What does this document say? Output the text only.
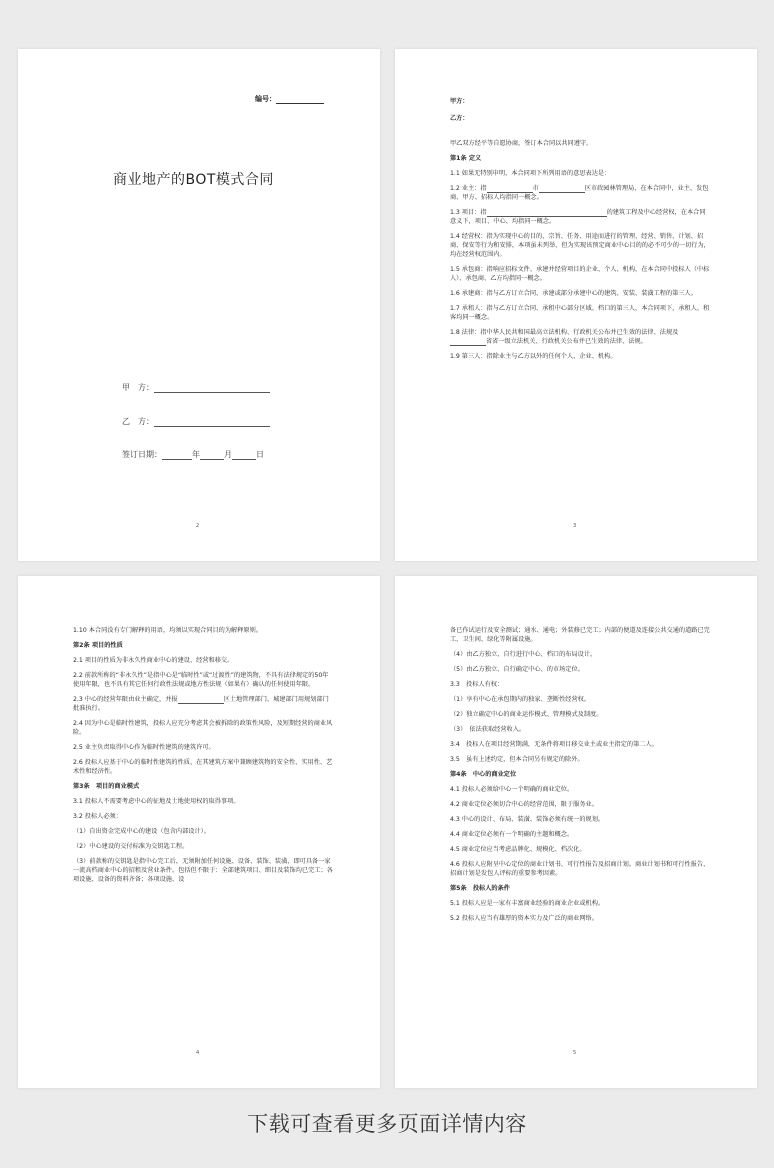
编号：
商业地产的BOT模式合同
甲　方：
乙　方：
签订日期：	年	月	日
2

甲方：

乙方：

甲乙双方经平等自愿协商，签订本合同以共同遵守。

第1条 定义

1.1 如果无特别申明，本合同项下所列用语的意思表达是：

1.2 业主：指	市	区市政园林管理局，在本合同中，业主、发包商、甲方、招标人均指同一概念。

1.3 项目：指	的建筑工程及中心经营权，在本合同意义下，项目、中心、均指同一概念。

1.4 经营权：指为实现中心的目的、宗旨、任务、用途而进行的管理、经营、销售、计划、招商、保安等行为和安排，本项虽未列举，但为实现该预定商业中心目的的必不可少的一切行为，均在经营权范围内。

1.5 承包商：指响应招标文件、承建并经营项目的企业、个人、机构，在本合同中投标人（中标人）、承包商、乙方均指同一概念。

1.6 承建商：指与乙方订立合同、承建或部分承建中心的建筑、安装、装潢工程的第三人。

1.7 承租人：指与乙方订立合同、承租中心部分区域、档口的第三人，本合同项下，承租人、租客均同一概念。

1.8 法律：指中华人民共和国最高立法机构、行政机关公布并已生效的法律、法规及省省一级立法机关、行政机关公布并已生效的法律、法规。

1.9 第三人：指除业主与乙方以外的任何个人、企业、机构。

3

1.10 本合同没有专门解释的用语，均须以实现合同目的为解释原则。

第2条 项目的性质

2.1 项目的性质为非永久性商业中心的建设、经营和移交。

2.2 前款所称的“非永久性”是指中心是“临时性”或“过渡性”的建筑物，不具有法律规定的50年使用年限，也不具有其它任何行政性法规或地方性法规（如果有）确认的任何使用年限。

2.3 中心的经营年限由业主确定，并报	区土地管理部门、城建部门用规划部门批准执行。

2.4 因为中心是临时性建筑，投标人应充分考虑其会被拆除的政策性风险，及短期经营的商业风险。

2.5 业主负责取得中心作为临时性建筑的建筑许可。

2.6 投标人应基于中心的临时性建筑的性质，在其建筑方案中兼顾建筑物的安全性、实用性、艺术性和经济性。

第3条　项目的商业模式

3.1 投标人不需要考虑中心的征地及土地使用权的取得事项。

3.2 投标人必须：

（1）自出资金完成中心的建设（包含内部设计）。

（2）中心建设的交付标准为交钥匙工程。

（3）前款称的交钥匙是指中心完工后，无须附加任何设施、设备、装饰、装潢，即可具备一家一流高档商业中心的招租及营业条件。包括但不限于：全部建筑项目、细目及装饰均已完工；各项设施、设备的资料齐备；各项设施、设

4

备已作试运行及安全测试；通水、通电；外装修已完工；内部的便道及连接公共交通的道路已完工，卫生间、绿化等附属设施。

（4）由乙方独立、自行进行中心、档口的布局设计。

（5）由乙方独立、自行确定中心、的市场定位。

3.3　投标人有权：

（1）享有中心在承包期内的独家、垄断性经营权。

（2）独立确定中心的商业运作模式、管理模式及制度。

（3）　依法获取经营收入。

3.4　投标人在项目经营期满，无条件将项目移交业主或业主指定的第二人。

3.5　虽有上述约定，但本合同另有规定的除外。

第4条　中心的商业定位

4.1 投标人必须给中心一个明确的商业定位。

4.2 商业定位必须切合中心的经营范围，限于服务业。

4.3 中心的设计、布局、装潢、装饰必须有统一的规划。

4.4 商业定位必须有一个明确的主题和概念。

4.5 商业定位应当考虑品牌化、规模化、档次化。

4.6 投标人应附呈中心定位的商业计划书、可行性报告及招商计划。商业计划书和可行性报告、招商计划是发包人评标的重要参考因素。

第5条　投标人的条件

5.1 投标人应是一家有丰富商业经验的商业企业或机构。

5.2 投标人应当有雄厚的资本实力及广泛的商业网络。

5
下载可查看更多页面详情内容
